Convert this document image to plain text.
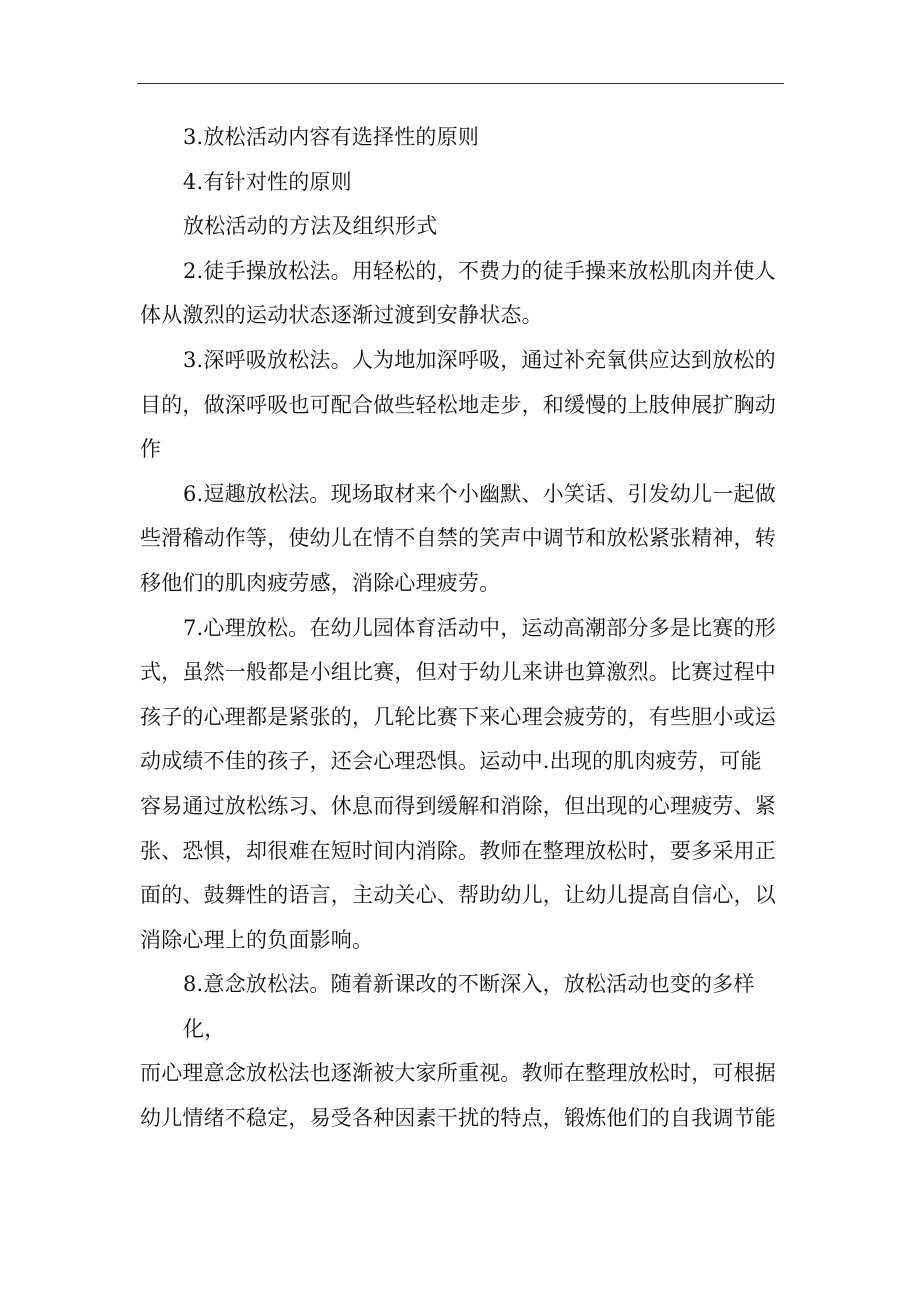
3.放松活动内容有选择性的原则

4.有针对性的原则

放松活动的方法及组织形式

2.徒手操放松法。用轻松的，不费力的徒手操来放松肌肉并使人

体从激烈的运动状态逐渐过渡到安静状态。

3.深呼吸放松法。人为地加深呼吸，通过补充氧供应达到放松的

目的，做深呼吸也可配合做些轻松地走步，和缓慢的上肢伸展扩胸动

作

6.逗趣放松法。现场取材来个小幽默、小笑话、引发幼儿一起做

些滑稽动作等，使幼儿在情不自禁的笑声中调节和放松紧张精神，转

移他们的肌肉疲劳感，消除心理疲劳。

7.心理放松。在幼儿园体育活动中，运动高潮部分多是比赛的形

式，虽然一般都是小组比赛，但对于幼儿来讲也算激烈。比赛过程中

孩子的心理都是紧张的，几轮比赛下来心理会疲劳的，有些胆小或运

动成绩不佳的孩子，还会心理恐惧。运动中.出现的肌肉疲劳，可能

容易通过放松练习、休息而得到缓解和消除，但出现的心理疲劳、紧

张、恐惧，却很难在短时间内消除。教师在整理放松时，要多采用正

面的、鼓舞性的语言，主动关心、帮助幼儿，让幼儿提高自信心，以

消除心理上的负面影响。

8.意念放松法。随着新课改的不断深入，放松活动也变的多样化，

而心理意念放松法也逐渐被大家所重视。教师在整理放松时，可根据

幼儿情绪不稳定，易受各种因素干扰的特点，锻炼他们的自我调节能
